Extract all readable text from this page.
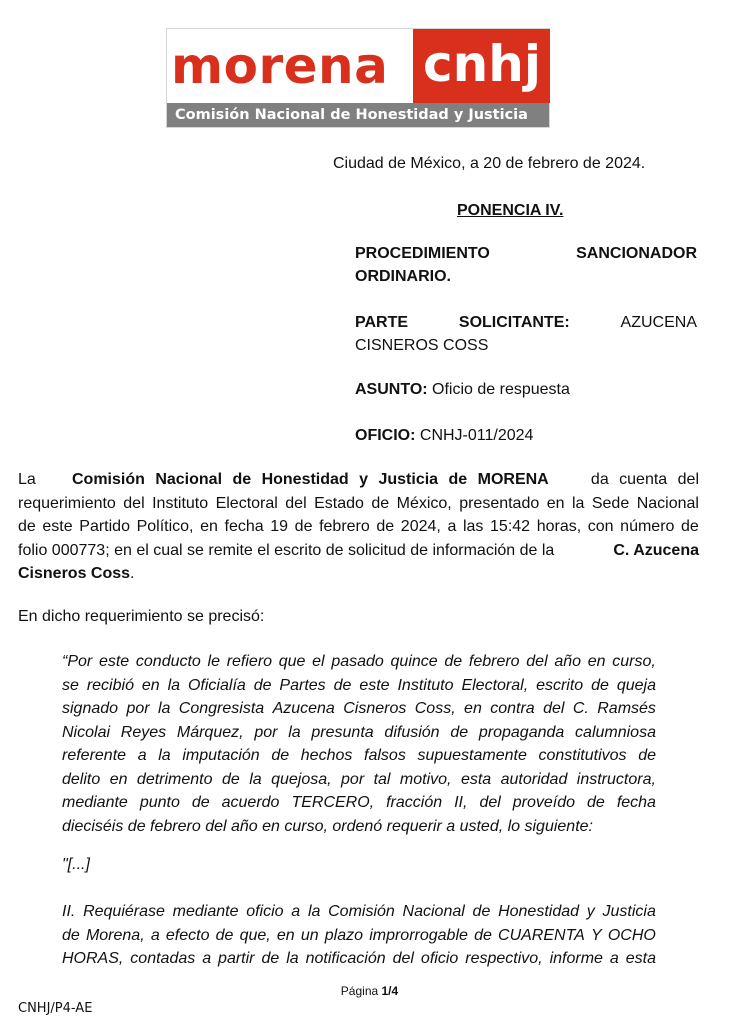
morena cnhj
Comisión Nacional de Honestidad y Justicia
Ciudad de México, a 20 de febrero de 2024.
PONENCIA IV.
PROCEDIMIENTO	SANCIONADOR
ORDINARIO.
PARTE	SOLICITANTE:	AZUCENA
CISNEROS COSS
ASUNTO: Oficio de respuesta
OFICIO: CNHJ-011/2024
La Comisión Nacional de Honestidad y Justicia de MORENA da cuenta del
requerimiento del Instituto Electoral del Estado de México, presentado en la Sede Nacional
de este Partido Político, en fecha 19 de febrero de 2024, a las 15:42 horas, con número de
folio 000773; en el cual se remite el escrito de solicitud de información de la	C. Azucena
Cisneros Coss .
En dicho requerimiento se precisó:
“Por este conducto le refiero que el pasado quince de febrero del año en curso,
se recibió en la Oficialía de Partes de este Instituto Electoral, escrito de queja
signado por la Congresista Azucena Cisneros Coss, en contra del C. Ramsés
Nicolai Reyes Márquez, por la presunta difusión de propaganda calumniosa
referente a la imputación de hechos falsos supuestamente constitutivos de
delito en detrimento de la quejosa, por tal motivo, esta autoridad instructora,
mediante punto de acuerdo TERCERO, fracción II, del proveído de fecha
dieciséis de febrero del año en curso, ordenó requerir a usted, lo siguiente:
"[...]
II. Requiérase mediante oficio a la Comisión Nacional de Honestidad y Justicia
de Morena, a efecto de que, en un plazo improrrogable de CUARENTA Y OCHO
HORAS, contadas a partir de la notificación del oficio respectivo, informe a esta
Página 1/4
CNHJ/P4-AE
